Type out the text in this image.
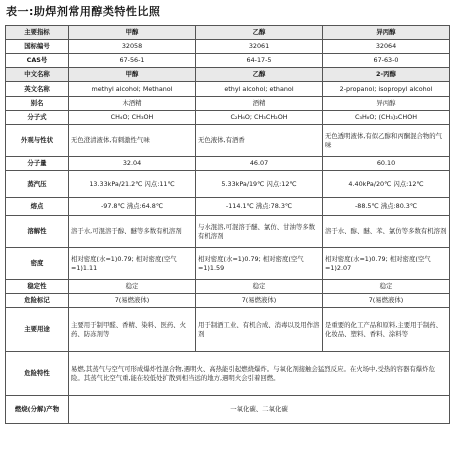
表一:助焊剂常用醇类特性比照
主要指标	甲醇	乙醇	异丙醇
国标编号	32058	32061	32064
CAS号	67-56-1	64-17-5	67-63-0
中文名称	甲醇	乙醇	2-丙醇
英文名称	methyl alcohol; Methanol	ethyl alcohol; ethanol	2-propanol; isopropyl alcohol
别名	木酒精	酒精	异丙醇
分子式	CH₄O; CH₃OH	C₂H₆O; CH₃CH₂OH	C₃H₈O; (CH₃)₂CHOH
外观与性状	无色澄清液体,有刺激性气味	无色液体,有酒香	无色透明液体,有似乙醇和丙酮混合物的气味
分子量	32.04	46.07	60.10
蒸汽压	13.33kPa/21.2℃ 闪点:11℃	5.33kPa/19℃ 闪点:12℃	4.40kPa/20℃ 闪点:12℃
熔点	-97.8℃ 沸点:64.8℃	-114.1℃ 沸点:78.3℃	-88.5℃ 沸点:80.3℃
溶解性	溶于水,可混溶于醇、醚等多数有机溶剂	与水混溶,可混溶于醚、氯仿、甘油等多数有机溶剂	溶于水、醇、醚、苯、氯仿等多数有机溶剂
密度	相对密度(水=1)0.79; 相对密度(空气=1)1.11	相对密度(水=1)0.79; 相对密度(空气=1)1.59	相对密度(水=1)0.79; 相对密度(空气=1)2.07
稳定性	稳定	稳定	稳定
危险标记	7(易燃液体)	7(易燃液体)	7(易燃液体)
主要用途	主要用于制甲醛、香精、染料、医药、火药、防冻剂等	用于制酒工业、有机合成、消毒以及用作溶剂	是重要的化工产品和原料,主要用于制药、化妆品、塑料、香料、涂料等
危险特性	易燃,其蒸气与空气可形成爆炸性混合物,遇明火、高热能引起燃烧爆炸。与氧化剂接触会猛烈反应。在火场中,受热的容器有爆炸危险。其蒸气比空气重,能在较低处扩散到相当远的地方,遇明火会引着回燃。		
燃烧(分解)产物	一氧化碳、二氧化碳		
